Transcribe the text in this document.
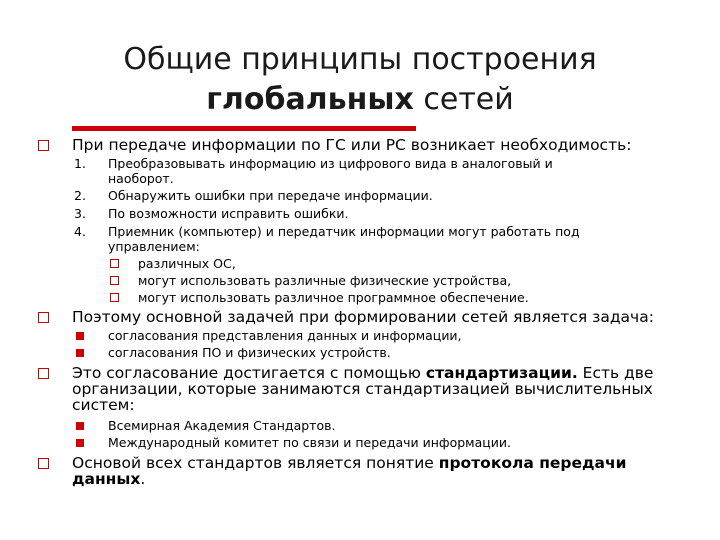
Общие принципы построения
глобальных сетей
При передаче информации по ГС или РС возникает необходимость:
1. Преобразовывать информацию из цифрового вида в аналоговый и
наоборот.
2. Обнаружить ошибки при передаче информации.
3. По возможности исправить ошибки.
4. Приемник (компьютер) и передатчик информации могут работать под
управлением:
различных ОС,
могут использовать различные физические устройства,
могут использовать различное программное обеспечение.
Поэтому основной задачей при формировании сетей является задача:
согласования представления данных и информации,
согласования ПО и физических устройств.
Это согласование достигается с помощью стандартизации. Есть две
организации, которые занимаются стандартизацией вычислительных
систем:
Всемирная Академия Стандартов.
Международный комитет по связи и передачи информации.
Основой всех стандартов является понятие протокола передачи
данных.
